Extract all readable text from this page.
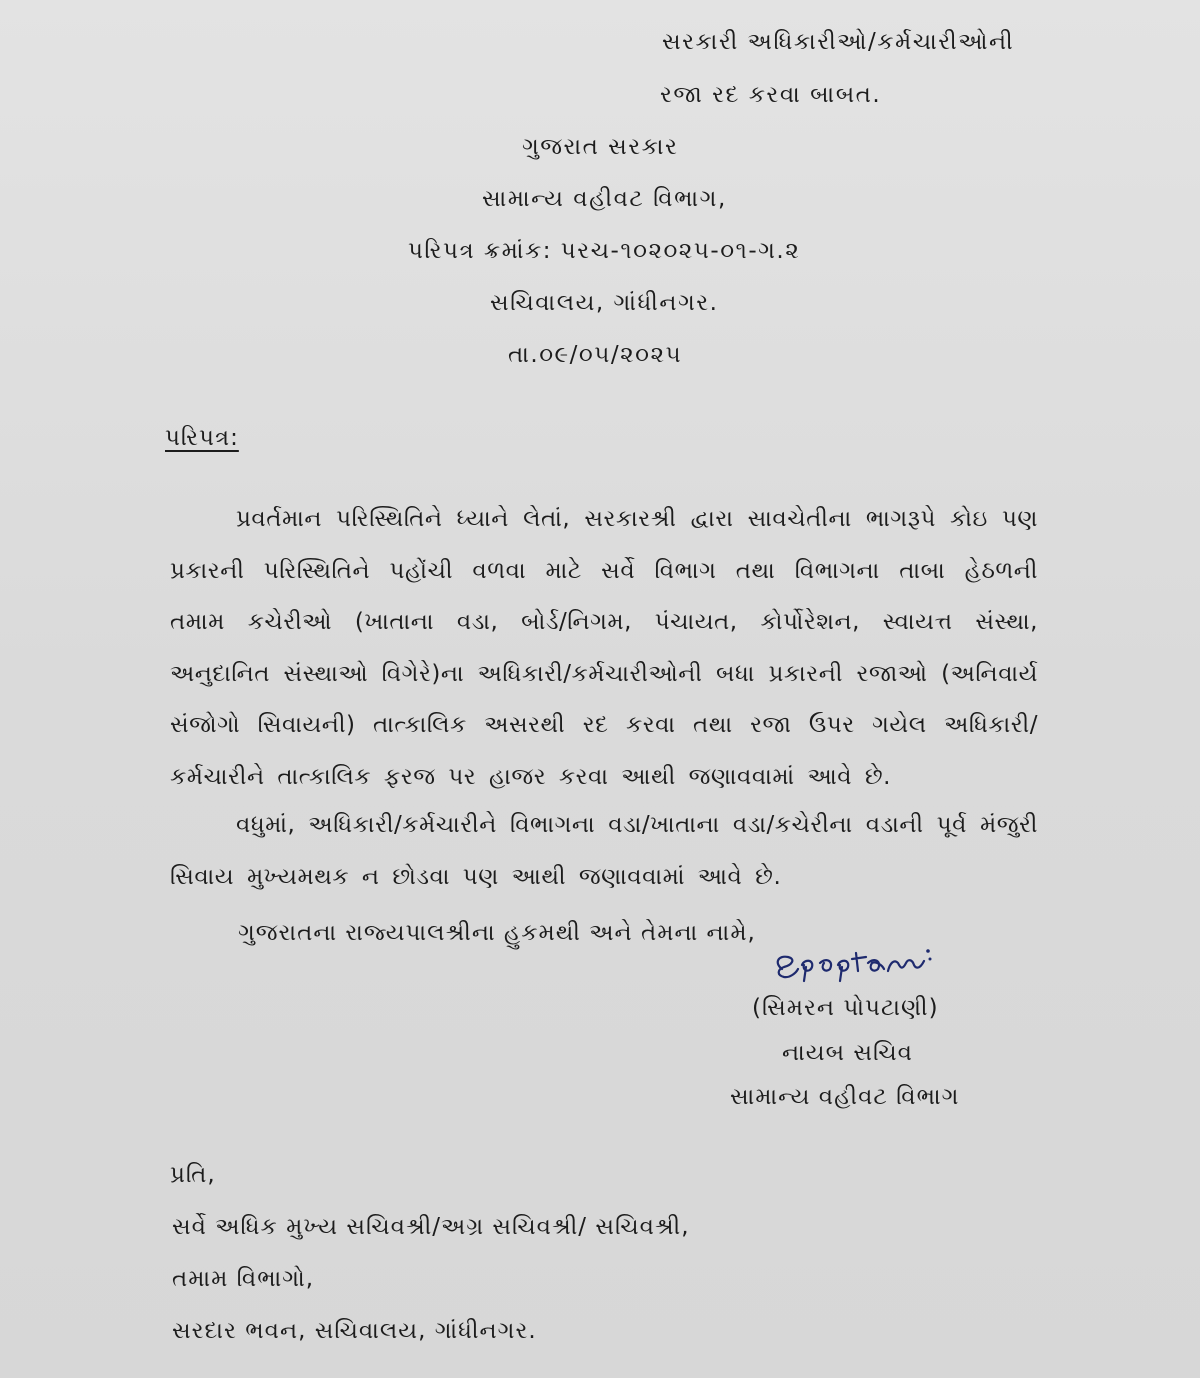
સરકારી અધિકારીઓ/કર્મચારીઓની
રજા રદ કરવા બાબત.
ગુજરાત સરકાર
સામાન્ય વહીવટ વિભાગ,
પરિપત્ર ક્રમાંક: પરચ-૧૦૨૦૨૫-૦૧-ગ.૨
સચિવાલય, ગાંધીનગર.
તા.૦૯/૦૫/૨૦૨૫
પરિપત્ર:
પ્રવર્તમાન પરિસ્થિતિને ધ્યાને લેતાં, સરકારશ્રી દ્વારા સાવચેતીના ભાગરૂપે કોઇ પણ પ્રકારની પરિસ્થિતિને પહોંચી વળવા માટે સર્વે વિભાગ તથા વિભાગના તાબા હેઠળની તમામ કચેરીઓ (ખાતાના વડા, બોર્ડ/નિગમ, પંચાયત, કોર્પોરેશન, સ્વાયત્ત સંસ્થા, અનુદાનિત સંસ્થાઓ વિગેરે)ના અધિકારી/કર્મચારીઓની બધા પ્રકારની રજાઓ (અનિવાર્ય સંજોગો સિવાયની) તાત્કાલિક અસરથી રદ કરવા તથા રજા ઉપર ગયેલ અધિકારી/કર્મચારીને તાત્કાલિક ફરજ પર હાજર કરવા આથી જણાવવામાં આવે છે.
વધુમાં, અધિકારી/કર્મચારીને વિભાગના વડા/ખાતાના વડા/કચેરીના વડાની પૂર્વ મંજુરી સિવાય મુખ્યમથક ન છોડવા પણ આથી જણાવવામાં આવે છે.
ગુજરાતના રાજ્યપાલશ્રીના હુકમથી અને તેમના નામે,
(સિમરન પોપટાણી)
નાયબ સચિવ
સામાન્ય વહીવટ વિભાગ
પ્રતિ,
સર્વે અધિક મુખ્ય સચિવશ્રી/અગ્ર સચિવશ્રી/ સચિવશ્રી,
તમામ વિભાગો,
સરદાર ભવન, સચિવાલય, ગાંધીનગર.
